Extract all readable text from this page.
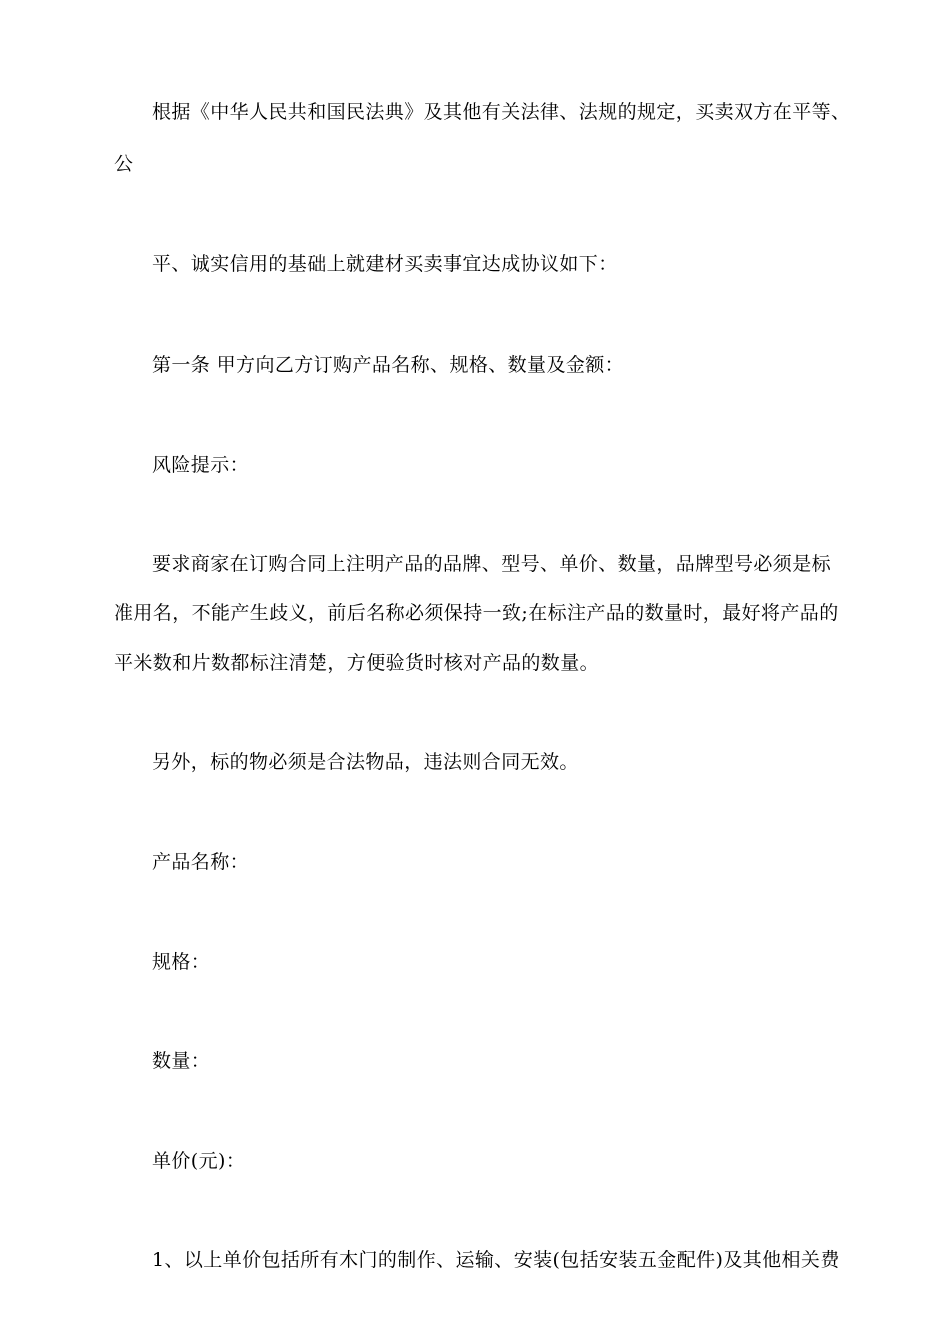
根据《中华人民共和国民法典》及其他有关法律、法规的规定，买卖双方在平等、
公
平、诚实信用的基础上就建材买卖事宜达成协议如下：
第一条 甲方向乙方订购产品名称、规格、数量及金额：
风险提示：
要求商家在订购合同上注明产品的品牌、型号、单价、数量，品牌型号必须是标
准用名，不能产生歧义，前后名称必须保持一致;在标注产品的数量时，最好将产品的
平米数和片数都标注清楚，方便验货时核对产品的数量。
另外，标的物必须是合法物品，违法则合同无效。
产品名称：
规格：
数量：
单价(元)：
1、以上单价包括所有木门的制作、运输、安装(包括安装五金配件)及其他相关费
